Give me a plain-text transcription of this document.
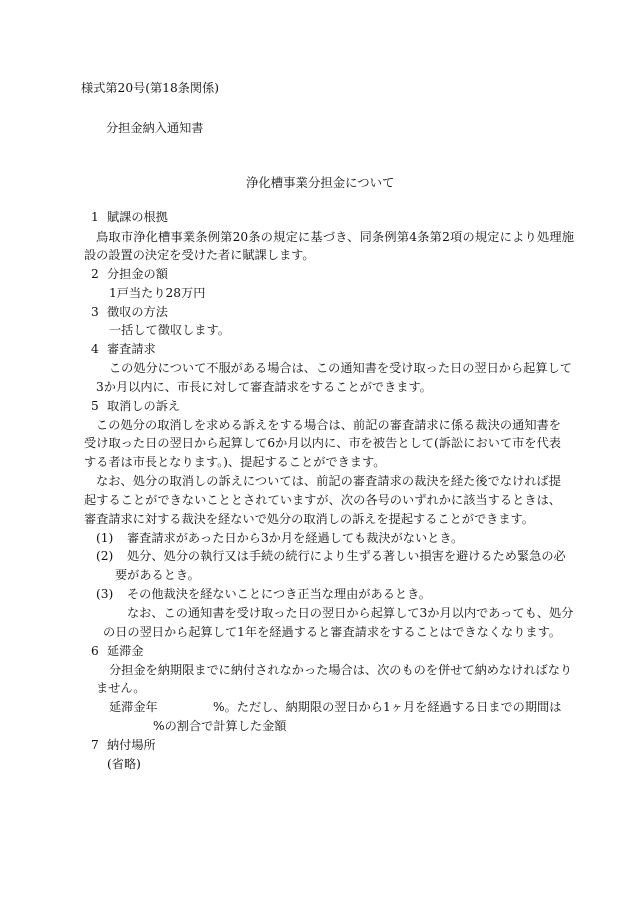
様式第20号(第18条関係)
分担金納入通知書
浄化槽事業分担金について
1 賦課の根拠
鳥取市浄化槽事業条例第20条の規定に基づき、同条例第4条第2項の規定により処理施
設の設置の決定を受けた者に賦課します。
2 分担金の額
1戸当たり28万円
3 徴収の方法
一括して徴収します。
4 審査請求
この処分について不服がある場合は、この通知書を受け取った日の翌日から起算して
3か月以内に、市長に対して審査請求をすることができます。
5 取消しの訴え
この処分の取消しを求める訴えをする場合は、前記の審査請求に係る裁決の通知書を
受け取った日の翌日から起算して6か月以内に、市を被告として(訴訟において市を代表
する者は市長となります。)、提起することができます。
なお、処分の取消しの訴えについては、前記の審査請求の裁決を経た後でなければ提
起することができないこととされていますが、次の各号のいずれかに該当するときは、
審査請求に対する裁決を経ないで処分の取消しの訴えを提起することができます。
(1) 審査請求があった日から3か月を経過しても裁決がないとき。
(2) 処分、処分の執行又は手続の続行により生ずる著しい損害を避けるため緊急の必
要があるとき。
(3) その他裁決を経ないことにつき正当な理由があるとき。
なお、この通知書を受け取った日の翌日から起算して3か月以内であっても、処分
の日の翌日から起算して1年を経過すると審査請求をすることはできなくなります。
6 延滞金
分担金を納期限までに納付されなかった場合は、次のものを併せて納めなければなり
ません。
延滞金年	%。ただし、納期限の翌日から1ヶ月を経過する日までの期間は
%の割合で計算した金額
7 納付場所
(省略)
